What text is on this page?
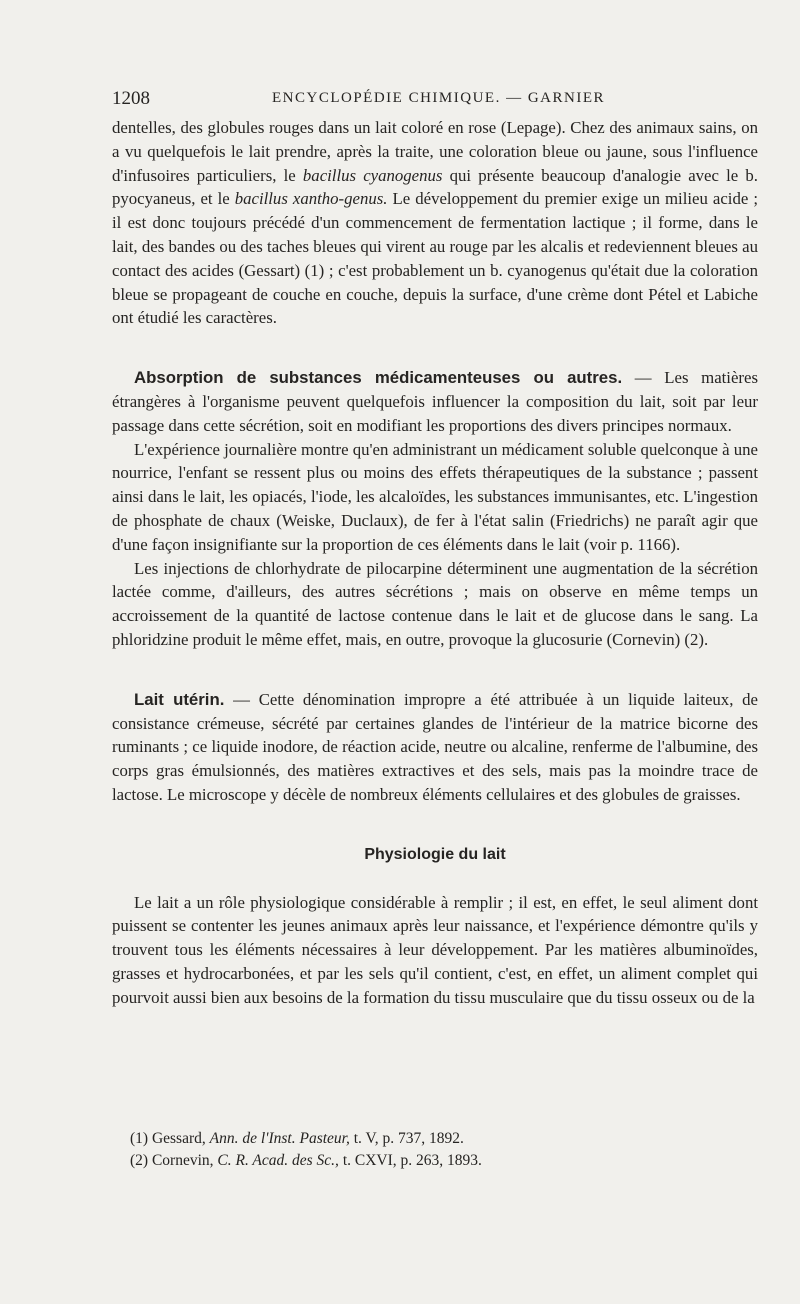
1208	ENCYCLOPÉDIE CHIMIQUE. — GARNIER

dentelles, des globules rouges dans un lait coloré en rose (Lepage). Chez des animaux sains, on a vu quelquefois le lait prendre, après la traite, une coloration bleue ou jaune, sous l'influence d'infusoires particuliers, le bacillus cyanogenus qui présente beaucoup d'analogie avec le b. pyocyaneus, et le bacillus xantho-genus. Le développement du premier exige un milieu acide ; il est donc toujours précédé d'un commencement de fermentation lactique ; il forme, dans le lait, des bandes ou des taches bleues qui virent au rouge par les alcalis et redeviennent bleues au contact des acides (Gessart) (1) ; c'est probablement un b. cyanogenus qu'était due la coloration bleue se propageant de couche en couche, depuis la surface, d'une crème dont Pétel et Labiche ont étudié les caractères.

Absorption de substances médicamenteuses ou autres. — Les matières étrangères à l'organisme peuvent quelquefois influencer la composition du lait, soit par leur passage dans cette sécrétion, soit en modifiant les proportions des divers principes normaux.

L'expérience journalière montre qu'en administrant un médicament soluble quelconque à une nourrice, l'enfant se ressent plus ou moins des effets thérapeutiques de la substance ; passent ainsi dans le lait, les opiacés, l'iode, les alcaloïdes, les substances immunisantes, etc. L'ingestion de phosphate de chaux (Weiske, Duclaux), de fer à l'état salin (Friedrichs) ne paraît agir que d'une façon insignifiante sur la proportion de ces éléments dans le lait (voir p. 1166).

Les injections de chlorhydrate de pilocarpine déterminent une augmentation de la sécrétion lactée comme, d'ailleurs, des autres sécrétions ; mais on observe en même temps un accroissement de la quantité de lactose contenue dans le lait et de glucose dans le sang. La phloridzine produit le même effet, mais, en outre, provoque la glucosurie (Cornevin) (2).

Lait utérin. — Cette dénomination impropre a été attribuée à un liquide laiteux, de consistance crémeuse, sécrété par certaines glandes de l'intérieur de la matrice bicorne des ruminants ; ce liquide inodore, de réaction acide, neutre ou alcaline, renferme de l'albumine, des corps gras émulsionnés, des matières extractives et des sels, mais pas la moindre trace de lactose. Le microscope y décèle de nombreux éléments cellulaires et des globules de graisses.

Physiologie du lait

Le lait a un rôle physiologique considérable à remplir ; il est, en effet, le seul aliment dont puissent se contenter les jeunes animaux après leur naissance, et l'expérience démontre qu'ils y trouvent tous les éléments nécessaires à leur développement. Par les matières albuminoïdes, grasses et hydrocarbonées, et par les sels qu'il contient, c'est, en effet, un aliment complet qui pourvoit aussi bien aux besoins de la formation du tissu musculaire que du tissu osseux ou de la

(1) Gessard, Ann. de l'Inst. Pasteur, t. V, p. 737, 1892.
(2) Cornevin, C. R. Acad. des Sc., t. CXVI, p. 263, 1893.
